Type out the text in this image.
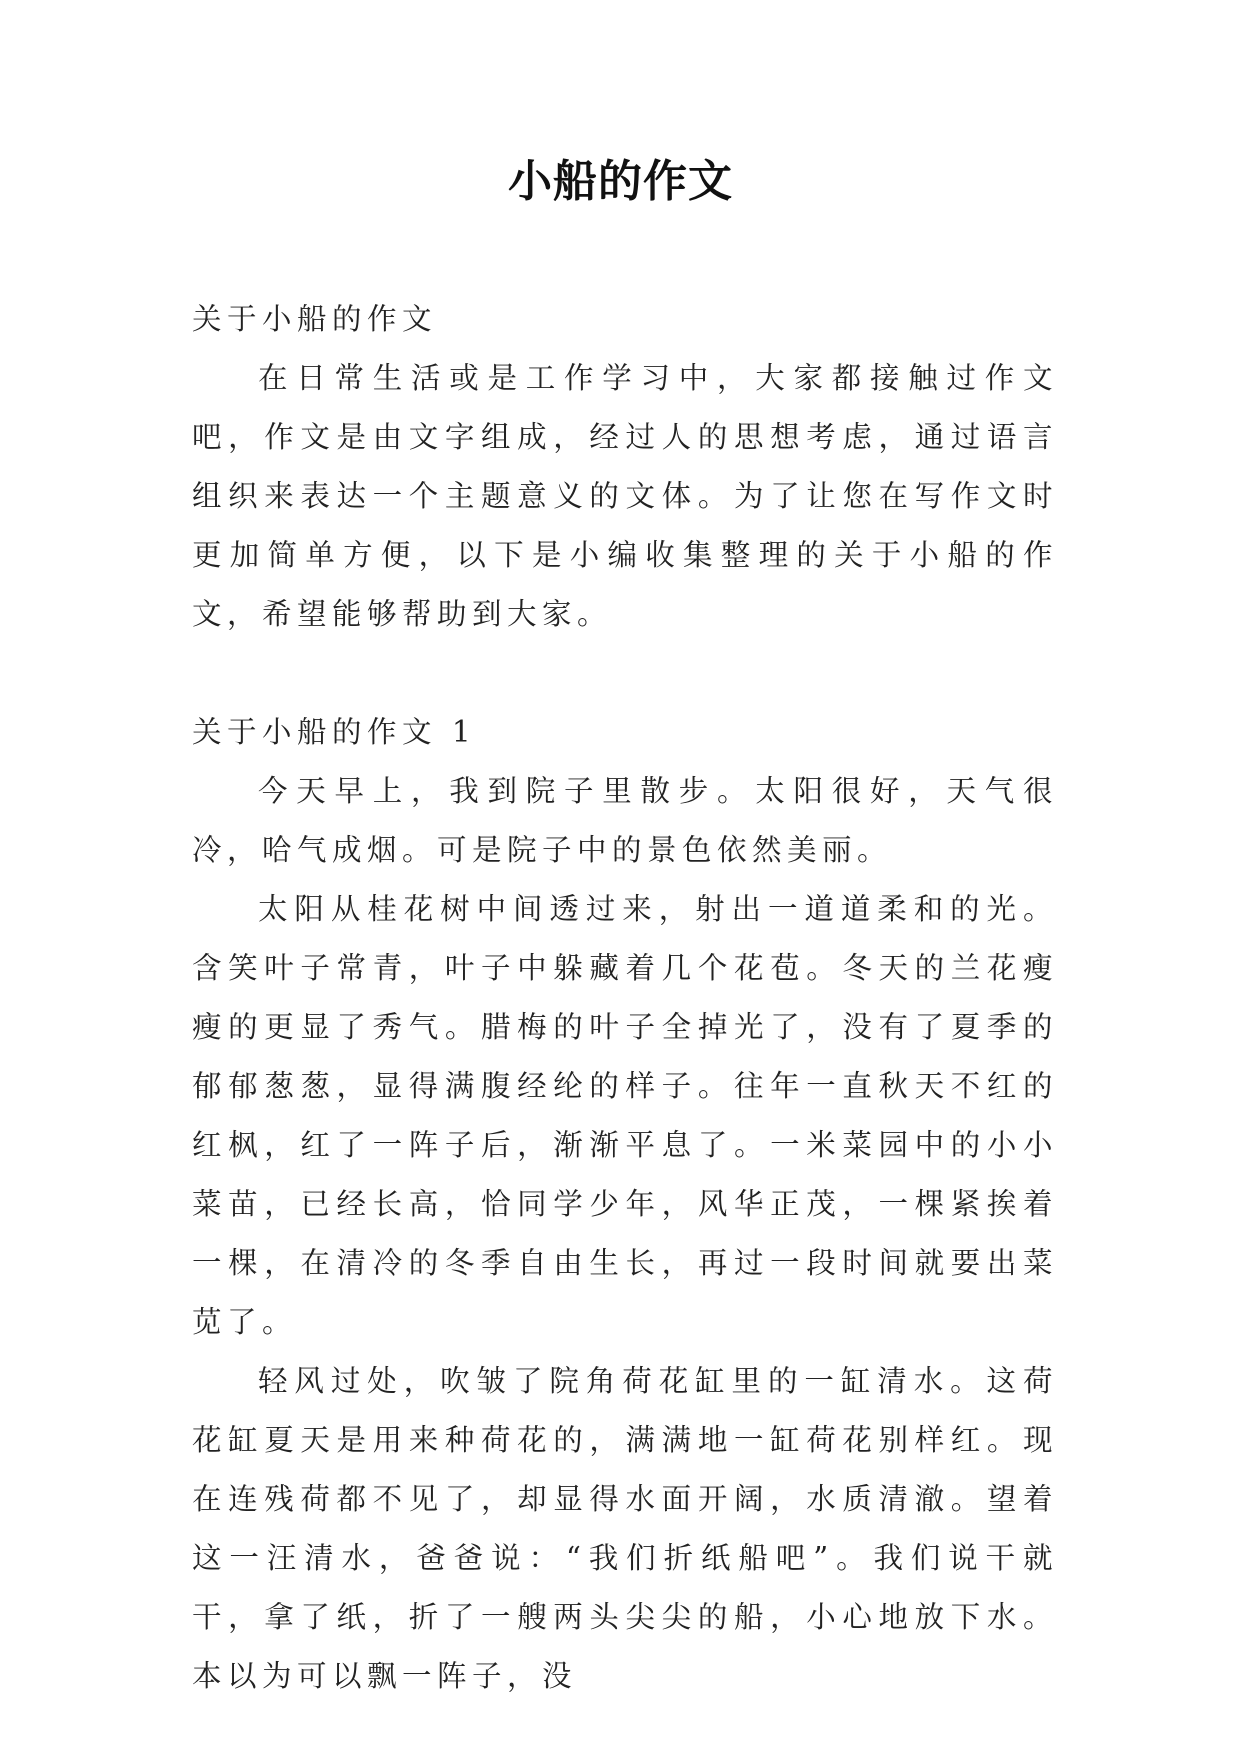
小船的作文

关于小船的作文

在日常生活或是工作学习中，大家都接触过作文吧，作文是由文字组成，经过人的思想考虑，通过语言组织来表达一个主题意义的文体。为了让您在写作文时更加简单方便，以下是小编收集整理的关于小船的作文，希望能够帮助到大家。

关于小船的作文 1

今天早上，我到院子里散步。太阳很好，天气很冷，哈气成烟。可是院子中的景色依然美丽。

太阳从桂花树中间透过来，射出一道道柔和的光。含笑叶子常青，叶子中躲藏着几个花苞。冬天的兰花瘦瘦的更显了秀气。腊梅的叶子全掉光了，没有了夏季的郁郁葱葱，显得满腹经纶的样子。往年一直秋天不红的红枫，红了一阵子后，渐渐平息了。一米菜园中的小小菜苗，已经长高，恰同学少年，风华正茂，一棵紧挨着一棵，在清冷的冬季自由生长，再过一段时间就要出菜苋了。

轻风过处，吹皱了院角荷花缸里的一缸清水。这荷花缸夏天是用来种荷花的，满满地一缸荷花别样红。现在连残荷都不见了，却显得水面开阔，水质清澈。望着这一汪清水，爸爸说：“我们折纸船吧”。我们说干就干，拿了纸，折了一艘两头尖尖的船，小心地放下水。本以为可以飘一阵子，没
